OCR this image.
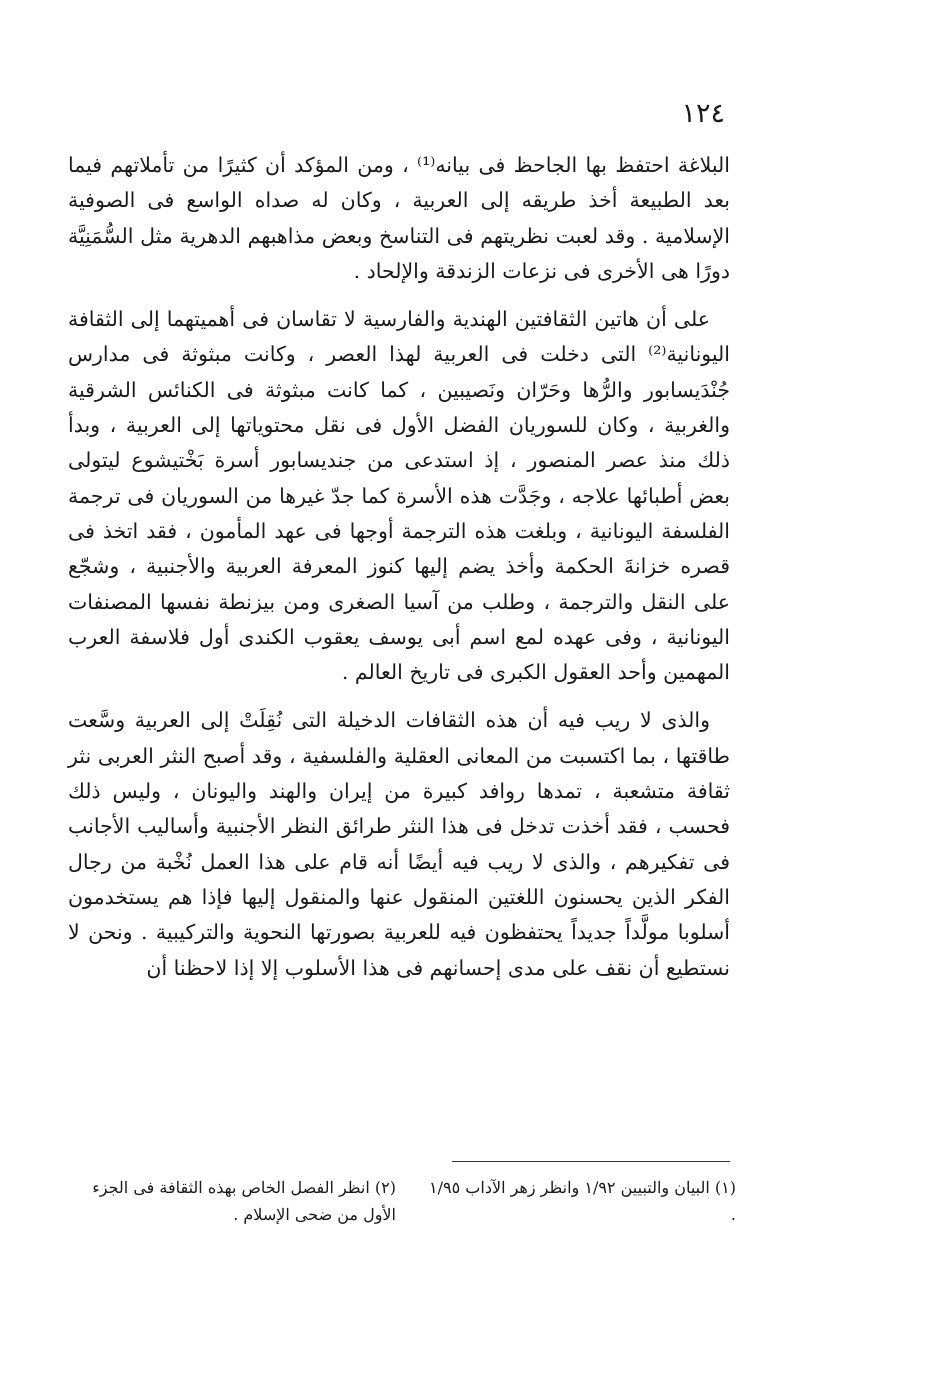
١٢٤

البلاغة احتفظ بها الجاحظ فى بيانه⁽¹⁾ ، ومن المؤكد أن كثيرًا من تأملاتهم فيما بعد الطبيعة أخذ طريقه إلى العربية ، وكان له صداه الواسع فى الصوفية الإسلامية . وقد لعبت نظريتهم فى التناسخ وبعض مذاهبهم الدهرية مثل السُّمَنِيَّة دورًا هى الأخرى فى نزعات الزندقة والإلحاد .

على أن هاتين الثقافتين الهندية والفارسية لا تقاسان فى أهميتهما إلى الثقافة اليونانية⁽²⁾ التى دخلت فى العربية لهذا العصر ، وكانت مبثوثة فى مدارس جُنْدَيسابور والرُّها وحَرّان ونَصيبين ، كما كانت مبثوثة فى الكنائس الشرقية والغربية ، وكان للسوريان الفضل الأول فى نقل محتوياتها إلى العربية ، وبدأ ذلك منذ عصر المنصور ، إذ استدعى من جنديسابور أسرة بَخْتيشوع ليتولى بعض أطبائها علاجه ، وجَدَّت هذه الأسرة كما جدّ غيرها من السوريان فى ترجمة الفلسفة اليونانية ، وبلغت هذه الترجمة أوجها فى عهد المأمون ، فقد اتخذ فى قصره خزانةَ الحكمة وأخذ يضم إليها كنوز المعرفة العربية والأجنبية ، وشجّع على النقل والترجمة ، وطلب من آسيا الصغرى ومن بيزنطة نفسها المصنفات اليونانية ، وفى عهده لمع اسم أبى يوسف يعقوب الكندى أول فلاسفة العرب المهمين وأحد العقول الكبرى فى تاريخ العالم .

والذى لا ريب فيه أن هذه الثقافات الدخيلة التى نُقِلَتْ إلى العربية وسَّعت طاقتها ، بما اكتسبت من المعانى العقلية والفلسفية ، وقد أصبح النثر العربى نثر ثقافة متشعبة ، تمدها روافد كبيرة من إيران والهند واليونان ، وليس ذلك فحسب ، فقد أخذت تدخل فى هذا النثر طرائق النظر الأجنبية وأساليب الأجانب فى تفكيرهم ، والذى لا ريب فيه أيضًا أنه قام على هذا العمل نُخْبة من رجال الفكر الذين يحسنون اللغتين المنقول عنها والمنقول إليها فإذا هم يستخدمون أسلوبا مولَّداً جديداً يحتفظون فيه للعربية بصورتها النحوية والتركيبية . ونحن لا نستطيع أن نقف على مدى إحسانهم فى هذا الأسلوب إلا إذا لاحظنا أن

(١) البيان والتبيين ١/٩٢ وانظر زهر الآداب ١/٩٥ .

(٢) انظر الفصل الخاص بهذه الثقافة فى الجزء الأول من ضحى الإسلام .
